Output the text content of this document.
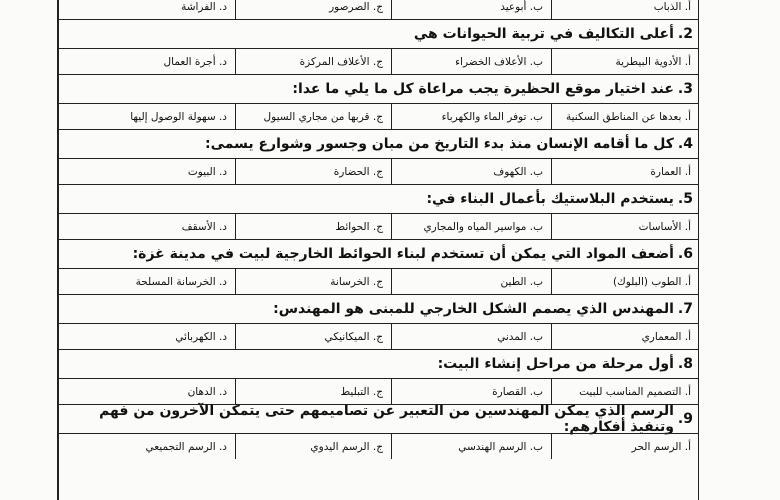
أ. الذباب
ب. أبوعيد
ج. الصرصور
د. الفراشة
2.
أعلى التكاليف في تربية الحيوانات هي
أ. الأدوية البيطرية
ب. الأعلاف الخضراء
ج. الأعلاف المركزة
د. أجرة العمال
3.
عند اختيار موقع الحظيرة يجب مراعاة كل ما يلي ما عدا:
أ. بعدها عن المناطق السكنية
ب. توفر الماء والكهرباء
ج. قربها من مجاري السيول
د. سهولة الوصول إليها
4.
كل ما أقامه الإنسان منذ بدء التاريخ من مبان وجسور وشوارع يسمى:
أ. العمارة
ب. الكهوف
ج. الحضارة
د. البيوت
5.
يستخدم البلاستيك بأعمال البناء في:
أ. الأساسات
ب. مواسير المياه والمجاري
ج. الحوائط
د. الأسقف
6.
أضعف المواد التي يمكن أن تستخدم لبناء الحوائط الخارجية لبيت في مدينة غزة:
أ. الطوب (البلوك)
ب. الطين
ج. الخرسانة
د. الخرسانة المسلحة
7.
المهندس الذي يصمم الشكل الخارجي للمبنى هو المهندس:
أ. المعماري
ب. المدني
ج. الميكانيكي
د. الكهربائي
8.
أول مرحلة من مراحل إنشاء البيت:
أ. التصميم المناسب للبيت
ب. القصارة
ج. التبليط
د. الدهان
9.
الرسم الذي يمكن المهندسين من التعبير عن تصاميمهم حتى يتمكن الآخرون من فهم وتنفيذ أفكارهم:
أ. الرسم الحر
ب. الرسم الهندسي
ج. الرسم اليدوي
د. الرسم التجميعي
